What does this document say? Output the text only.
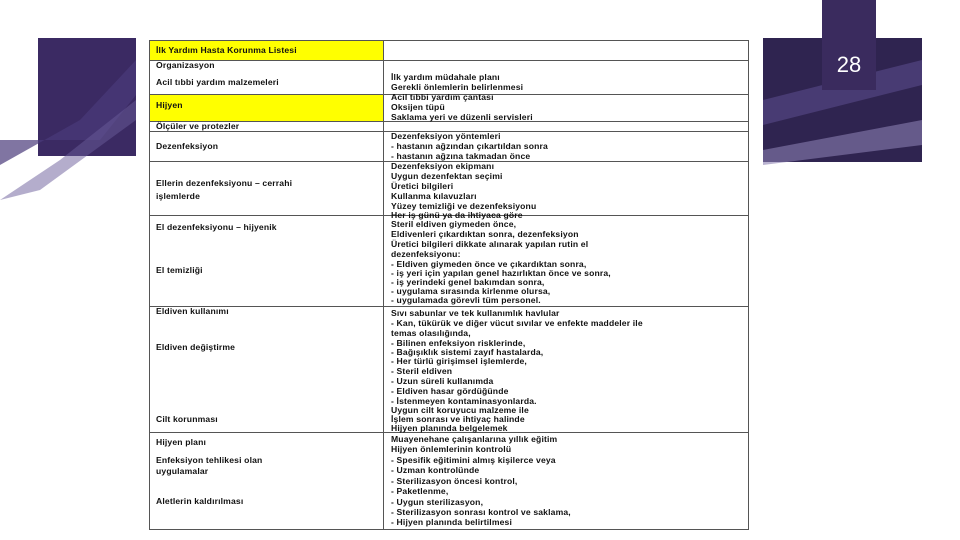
28
İlk Yardım Hasta Korunma Listesi
Organizasyon
Acil tıbbi yardım malzemeleri
Hijyen
Ölçüler ve protezler
Dezenfeksiyon
Ellerin dezenfeksiyonu – cerrahi
işlemlerde
El dezenfeksiyonu – hijyenik
El temizliği
Eldiven kullanımı
Eldiven değiştirme
Cilt korunması
Hijyen planı
Enfeksiyon tehlikesi olan
uygulamalar
Aletlerin kaldırılması
İlk yardım müdahale planı
Gerekli önlemlerin belirlenmesi
Acil tıbbi yardım çantası
Oksijen tüpü
Saklama yeri ve düzenli servisleri
Dezenfeksiyon yöntemleri
- hastanın ağzından çıkartıldan sonra
- hastanın ağzına takmadan önce
Dezenfeksiyon ekipmanı
Uygun dezenfektan seçimi
Üretici bilgileri
Kullanma kılavuzları
Yüzey temizliği ve dezenfeksiyonu
Her iş günü ya da ihtiyaca göre
Steril eldiven giymeden önce,
Eldivenleri çıkardıktan sonra, dezenfeksiyon
Üretici bilgileri dikkate alınarak yapılan rutin el
dezenfeksiyonu:
- Eldiven giymeden önce ve çıkardıktan sonra,
- iş yeri için yapılan genel hazırlıktan önce ve sonra,
- iş yerindeki genel bakımdan sonra,
- uygulama sırasında kirlenme olursa,
- uygulamada görevli tüm personel.
Sıvı sabunlar ve tek kullanımlık havlular
- Kan, tükürük ve diğer vücut sıvılar ve enfekte maddeler ile
temas olasılığında,
- Bilinen enfeksiyon risklerinde,
- Bağışıklık sistemi zayıf hastalarda,
- Her türlü girişimsel işlemlerde,
- Steril eldiven
- Uzun süreli kullanımda
- Eldiven hasar gördüğünde
- İstenmeyen kontaminasyonlarda.
Uygun cilt koruyucu malzeme ile
İşlem sonrası ve ihtiyaç halinde
Hijyen planında belgelemek
Muayenehane çalışanlarına yıllık eğitim
Hijyen önlemlerinin kontrolü
- Spesifik eğitimini almış kişilerce veya
- Uzman kontrolünde
- Sterilizasyon öncesi kontrol,
- Paketlenme,
- Uygun sterilizasyon,
- Sterilizasyon sonrası kontrol ve saklama,
- Hijyen planında belirtilmesi
